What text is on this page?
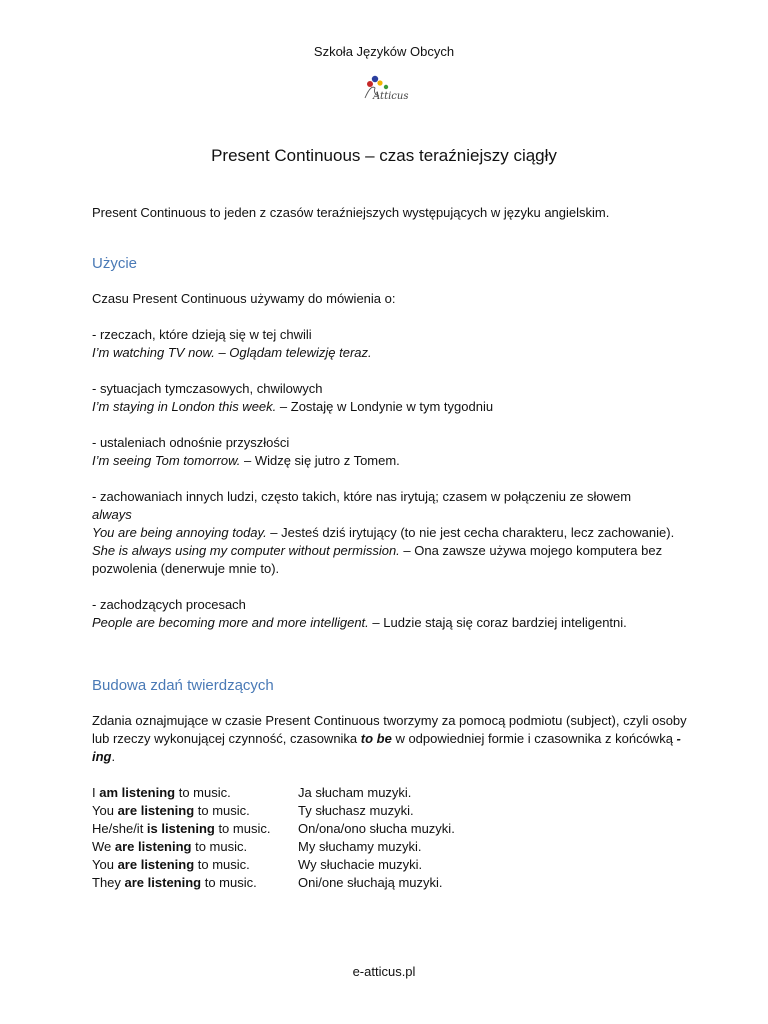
Szkoła Języków Obcych
Atticus
Present Continuous – czas teraźniejszy ciągły

Present Continuous to jeden z czasów teraźniejszych występujących w języku angielskim.

Użycie

Czasu Present Continuous używamy do mówienia o:

- rzeczach, które dzieją się w tej chwili

I’m watching TV now. – Oglądam telewizję teraz.

- sytuacjach tymczasowych, chwilowych

I’m staying in London this week. – Zostaję w Londynie w tym tygodniu

- ustaleniach odnośnie przyszłości

I’m seeing Tom tomorrow. – Widzę się jutro z Tomem.

- zachowaniach innych ludzi, często takich, które nas irytują; czasem w połączeniu ze słowem

always

You are being annoying today. – Jesteś dziś irytujący (to nie jest cecha charakteru, lecz zachowanie).

She is always using my computer without permission. – Ona zawsze używa mojego komputera bez pozwolenia (denerwuje mnie to).

- zachodzących procesach

People are becoming more and more intelligent. – Ludzie stają się coraz bardziej inteligentni.

Budowa zdań twierdzących

Zdania oznajmujące w czasie Present Continuous tworzymy za pomocą podmiotu (subject), czyli osoby lub rzeczy wykonującej czynność, czasownika to be w odpowiedniej formie i czasownika z końcówką -ing.

I am listening to music.	Ja słucham muzyki.
You are listening to music.	Ty słuchasz muzyki.
He/she/it is listening to music.	On/ona/ono słucha muzyki.
We are listening to music.	My słuchamy muzyki.
You are listening to music.	Wy słuchacie muzyki.
They are listening to music.	Oni/one słuchają muzyki.
e-atticus.pl
